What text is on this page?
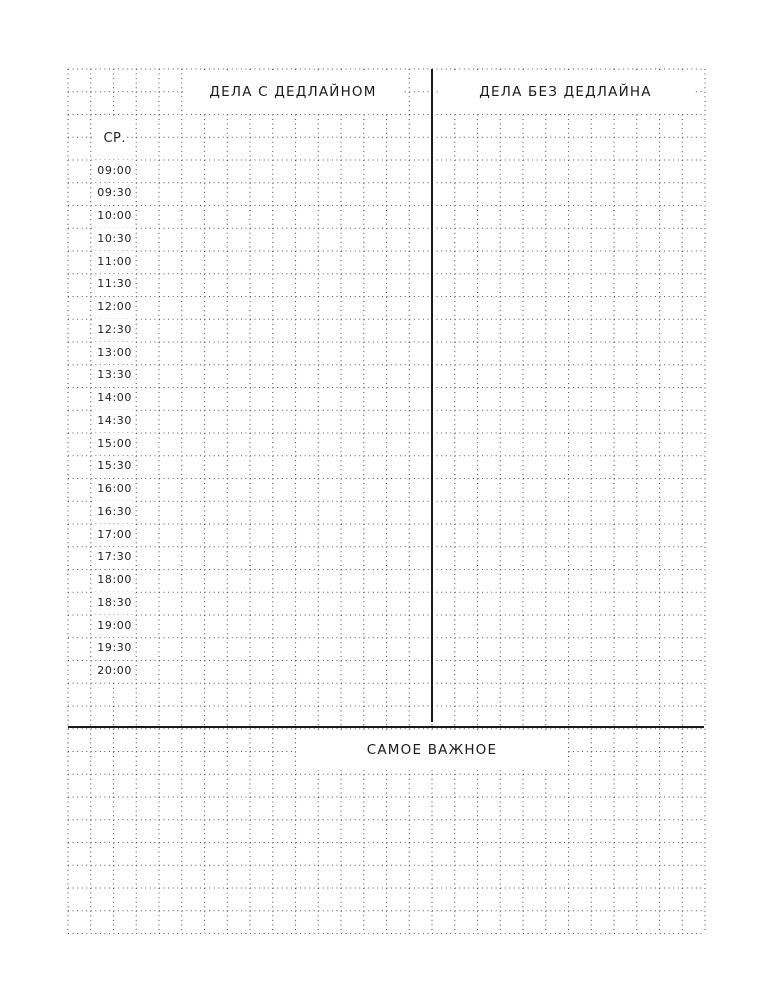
ДЕЛА С ДЕДЛАЙНОМ	ДЕЛА БЕЗ ДЕДЛАЙНА
СР.
09:00
09:30
10:00
10:30
11:00
11:30
12:00
12:30
13:00
13:30
14:00
14:30
15:00
15:30
16:00
16:30
17:00
17:30
18:00
18:30
19:00
19:30
20:00
САМОЕ ВАЖНОЕ
